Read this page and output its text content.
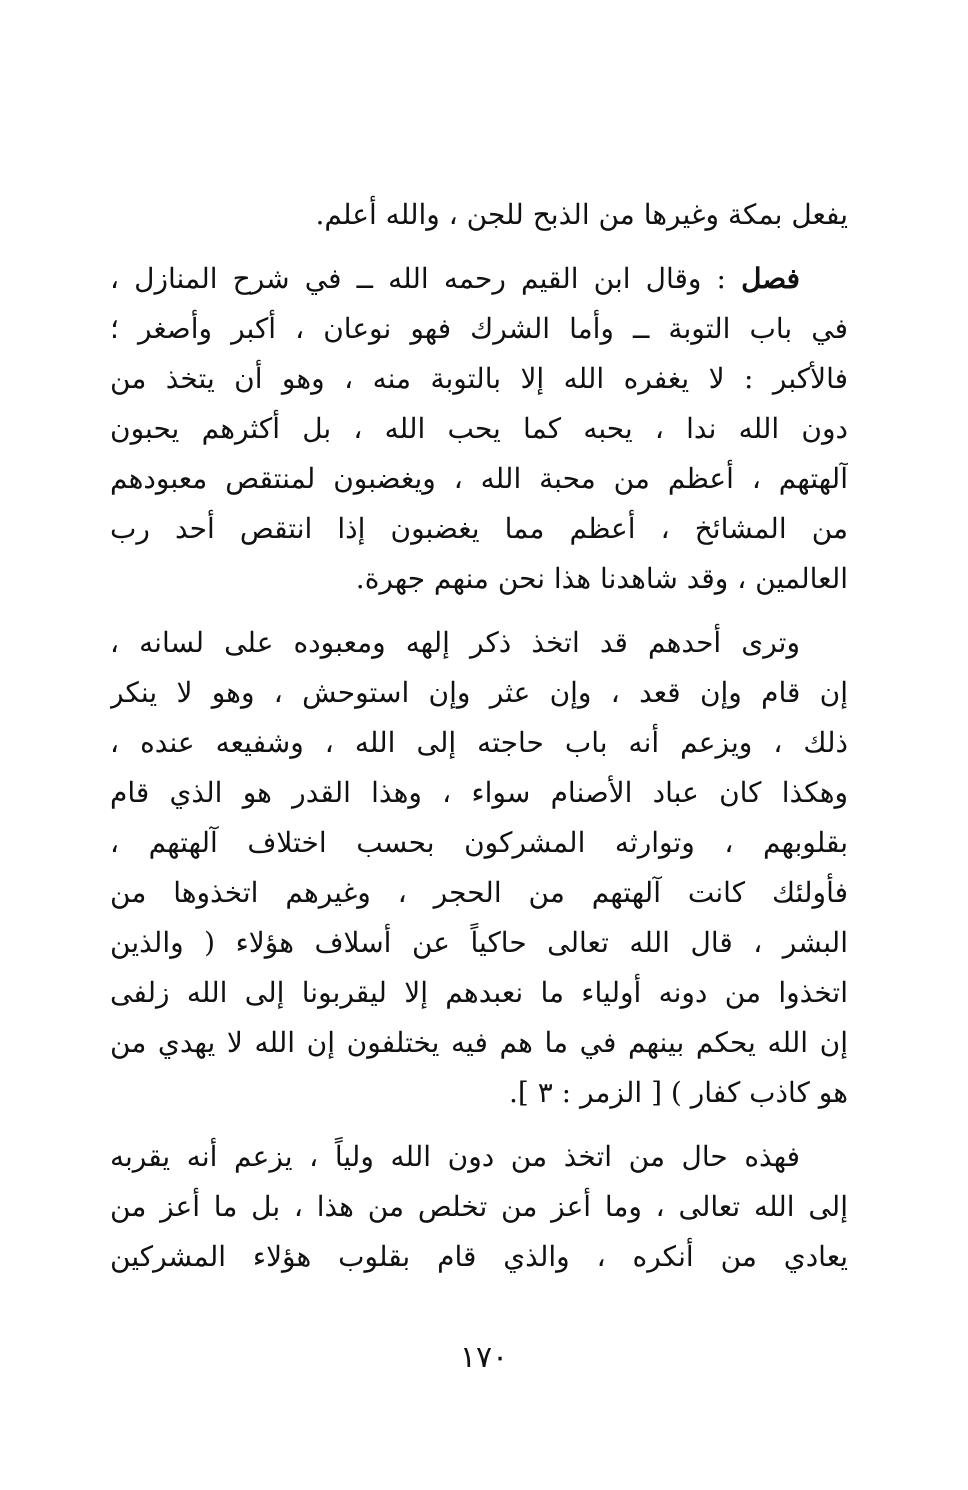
يفعل بمكة وغيرها من الذبح للجن ، والله أعلم.
فصل : وقال ابن القيم رحمه الله ــ في شرح المنازل ،
في باب التوبة ــ وأما الشرك فهو نوعان ، أكبر وأصغر ؛
فالأكبر : لا يغفره الله إلا بالتوبة منه ، وهو أن يتخذ من
دون الله ندا ، يحبه كما يحب الله ، بل أكثرهم يحبون
آلهتهم ، أعظم من محبة الله ، ويغضبون لمنتقص معبودهم
من المشائخ ، أعظم مما يغضبون إذا انتقص أحد رب
العالمين ، وقد شاهدنا هذا نحن منهم جهرة.
وترى أحدهم قد اتخذ ذكر إلهه ومعبوده على لسانه ،
إن قام وإن قعد ، وإن عثر وإن استوحش ، وهو لا ينكر
ذلك ، ويزعم أنه باب حاجته إلى الله ، وشفيعه عنده ،
وهكذا كان عباد الأصنام سواء ، وهذا القدر هو الذي قام
بقلوبهم ، وتوارثه المشركون بحسب اختلاف آلهتهم ،
فأولئك كانت آلهتهم من الحجر ، وغيرهم اتخذوها من
البشر ، قال الله تعالى حاكياً عن أسلاف هؤلاء ( والذين
اتخذوا من دونه أولياء ما نعبدهم إلا ليقربونا إلى الله زلفى
إن الله يحكم بينهم في ما هم فيه يختلفون إن الله لا يهدي من
هو كاذب كفار ) [ الزمر : ٣ ].
فهذه حال من اتخذ من دون الله ولياً ، يزعم أنه يقربه
إلى الله تعالى ، وما أعز من تخلص من هذا ، بل ما أعز من
يعادي من أنكره ، والذي قام بقلوب هؤلاء المشركين
١٧٠
